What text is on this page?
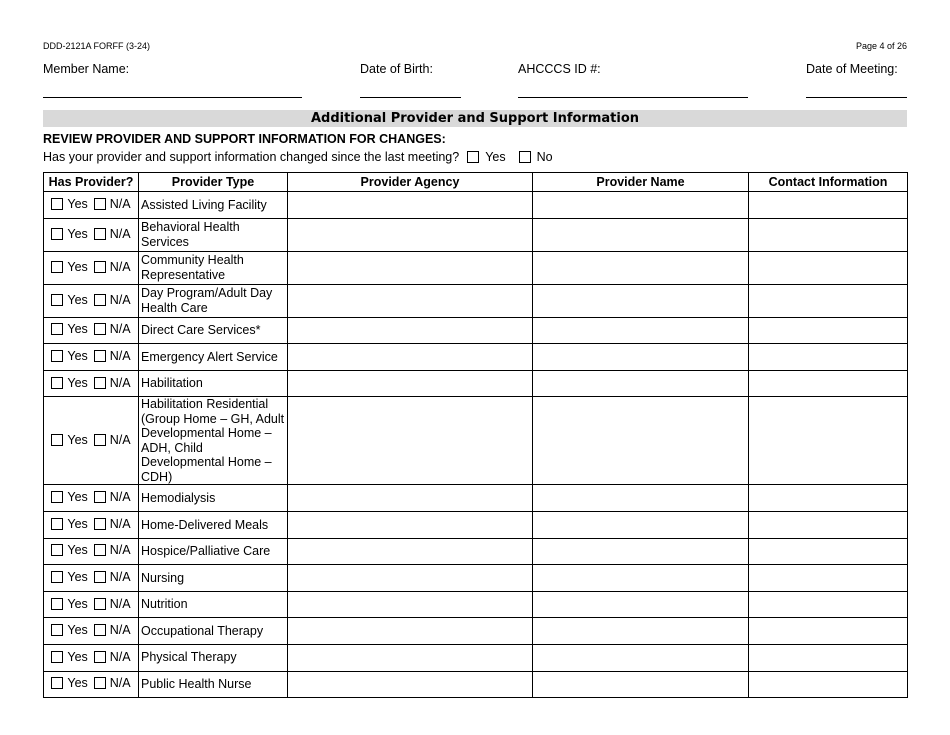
DDD-2121A FORFF (3-24)	Page 4 of 26
Member Name:	Date of Birth:	AHCCCS ID #:	Date of Meeting:
Additional Provider and Support Information
REVIEW PROVIDER AND SUPPORT INFORMATION FOR CHANGES:
Has your provider and support information changed since the last meeting? Yes No
Has Provider?	Provider Type	Provider Agency	Provider Name	Contact Information

Yes N/A	Assisted Living Facility			

Yes N/A	Behavioral Health Services			

Yes N/A	Community Health Representative			

Yes N/A	Day Program/Adult Day Health Care			

Yes N/A	Direct Care Services*			

Yes N/A	Emergency Alert Service			

Yes N/A	Habilitation			

Yes N/A	Habilitation Residential (Group Home – GH, Adult Developmental Home – ADH, Child Developmental Home – CDH)			

Yes N/A	Hemodialysis			

Yes N/A	Home-Delivered Meals			

Yes N/A	Hospice/Palliative Care			

Yes N/A	Nursing			

Yes N/A	Nutrition			

Yes N/A	Occupational Therapy			

Yes N/A	Physical Therapy			

Yes N/A	Public Health Nurse			
